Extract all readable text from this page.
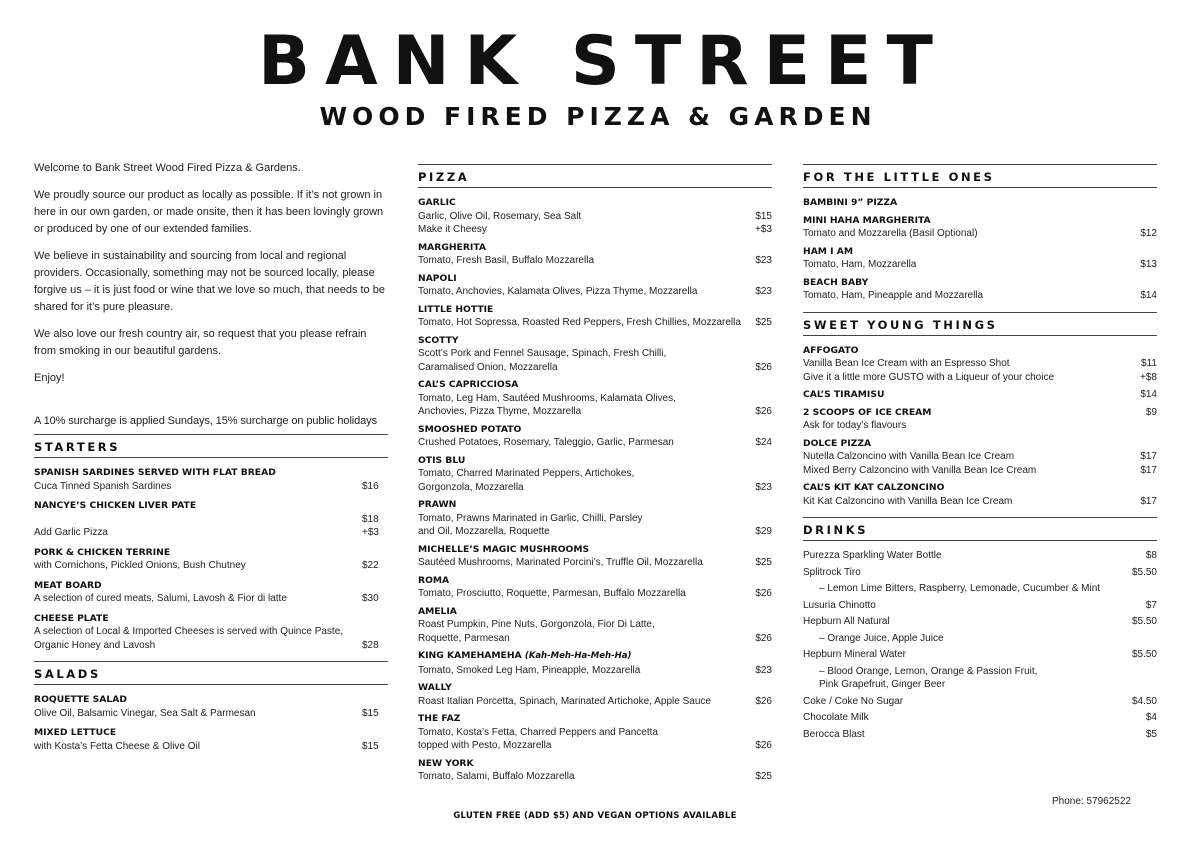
BANK STREET
WOOD FIRED PIZZA & GARDEN

Welcome to Bank Street Wood Fired Pizza & Gardens.

We proudly source our product as locally as possible. If it’s not grown in here in our own garden, or made onsite, then it has been lovingly grown or produced by one of our extended families.

We believe in sustainability and sourcing from local and regional providers. Occasionally, something may not be sourced locally, please forgive us – it is just food or wine that we love so much, that needs to be shared for it’s pure pleasure.

We also love our fresh country air, so request that you please refrain from smoking in our beautiful gardens.

Enjoy!

A 10% surcharge is applied Sundays, 15% surcharge on public holidays
STARTERS
SPANISH SARDINES SERVED WITH FLAT BREAD
Cuca Tinned Spanish Sardines	$16
NANCYE’S CHICKEN LIVER PATE
$18
Add Garlic Pizza	+$3
PORK & CHICKEN TERRINE
with Cornichons, Pickled Onions, Bush Chutney	$22
MEAT BOARD
A selection of cured meats, Salumi, Lavosh & Fior di latte	$30
CHEESE PLATE
A selection of Local & Imported Cheeses is served with Quince Paste,
Organic Honey and Lavosh	$28
SALADS
ROQUETTE SALAD
Olive Oil, Balsamic Vinegar, Sea Salt & Parmesan	$15
MIXED LETTUCE
with Kosta’s Fetta Cheese & Olive Oil	$15
PIZZA
GARLIC
Garlic, Olive Oil, Rosemary, Sea Salt	$15
Make it Cheesy	+$3
MARGHERITA
Tomato, Fresh Basil, Buffalo Mozzarella	$23
NAPOLI
Tomato, Anchovies, Kalamata Olives, Pizza Thyme, Mozzarella	$23
LITTLE HOTTIE
Tomato, Hot Sopressa, Roasted Red Peppers, Fresh Chillies, Mozzarella	$25
SCOTTY
Scott’s Pork and Fennel Sausage, Spinach, Fresh Chilli,
Caramalised Onion, Mozzarella	$26
CAL’S CAPRICCIOSA
Tomato, Leg Ham, Sautéed Mushrooms, Kalamata Olives,
Anchovies, Pizza Thyme, Mozzarella	$26
SMOOSHED POTATO
Crushed Potatoes, Rosemary, Taleggio, Garlic, Parmesan	$24
OTIS BLU
Tomato, Charred Marinated Peppers, Artichokes,
Gorgonzola, Mozzarella	$23
PRAWN
Tomato, Prawns Marinated in Garlic, Chilli, Parsley
and Oil, Mozzarella, Roquette	$29
MICHELLE’S MAGIC MUSHROOMS
Sautéed Mushrooms, Marinated Porcini’s, Truffle Oil, Mozzarella	$25
ROMA
Tomato, Prosciutto, Roquette, Parmesan, Buffalo Mozzarella	$26
AMELIA
Roast Pumpkin, Pine Nuts, Gorgonzola, Fior Di Latte,
Roquette, Parmesan	$26
KING KAMEHAMEHA (Kah-Meh-Ha-Meh-Ha)
Tomato, Smoked Leg Ham, Pineapple, Mozzarella	$23
WALLY
Roast Italian Porcetta, Spinach, Marinated Artichoke, Apple Sauce	$26
THE FAZ
Tomato, Kosta’s Fetta, Charred Peppers and Pancetta
topped with Pesto, Mozzarella	$26
NEW YORK
Tomato, Salami, Buffalo Mozzarella	$25
FOR THE LITTLE ONES
BAMBINI 9” PIZZA
MINI HAHA MARGHERITA
Tomato and Mozzarella (Basil Optional)	$12
HAM I AM
Tomato, Ham, Mozzarella	$13
BEACH BABY
Tomato, Ham, Pineapple and Mozzarella	$14
SWEET YOUNG THINGS
AFFOGATO
Vanilla Bean Ice Cream with an Espresso Shot	$11
Give it a little more GUSTO with a Liqueur of your choice	+$8
CAL’S TIRAMISU	$14
2 SCOOPS OF ICE CREAM	$9
Ask for today’s flavours
DOLCE PIZZA
Nutella Calzoncino with Vanilla Bean Ice Cream	$17
Mixed Berry Calzoncino with Vanilla Bean Ice Cream	$17
CAL’S KIT KAT CALZONCINO
Kit Kat Calzoncino with Vanilla Bean Ice Cream	$17
DRINKS
Purezza Sparkling Water Bottle	$8
Splitrock Tiro	$5.50
– Lemon Lime Bitters, Raspberry, Lemonade, Cucumber & Mint
Lusuria Chinotto	$7
Hepburn All Natural	$5.50
– Orange Juice, Apple Juice
Hepburn Mineral Water	$5.50
– Blood Orange, Lemon, Orange & Passion Fruit,
Pink Grapefruit, Ginger Beer
Coke / Coke No Sugar	$4.50
Chocolate Milk	$4
Berocca Blast	$5
Phone: 57962522
GLUTEN FREE (ADD $5) AND VEGAN OPTIONS AVAILABLE
